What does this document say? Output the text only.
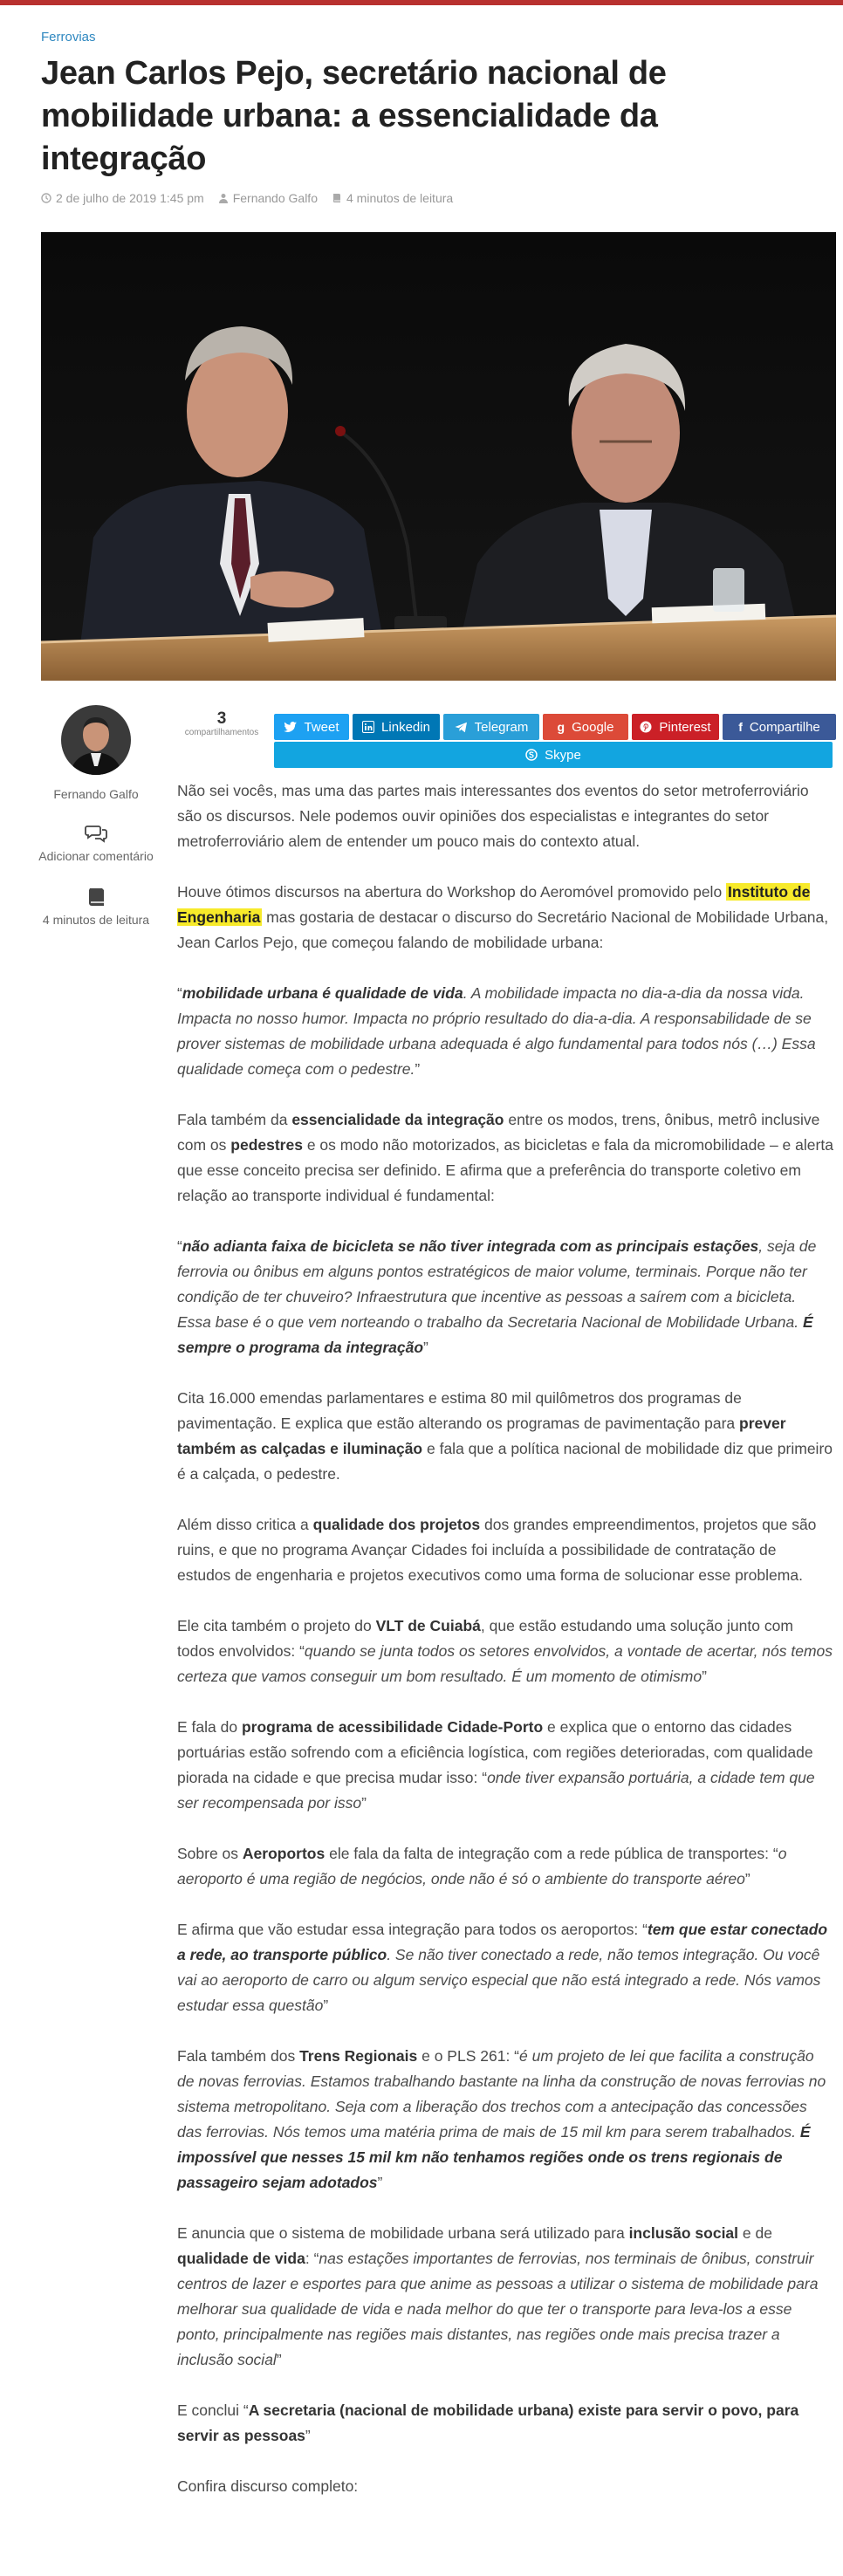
Ferrovias
Jean Carlos Pejo, secretário nacional de mobilidade urbana: a essencialidade da integração
2 de julho de 2019 1:45 pm Fernando Galfo 4 minutos de leitura
Fernando Galfo
Adicionar comentário
4 minutos de leitura
3
compartilhamentos	Tweet	Linkedin	Telegram g Google	Pinterest f Compartilhe
Skype

Não sei vocês, mas uma das partes mais interessantes dos eventos do setor metroferroviário são os discursos. Nele podemos ouvir opiniões dos especialistas e integrantes do setor metroferroviário alem de entender um pouco mais do contexto atual.

Houve ótimos discursos na abertura do Workshop do Aeromóvel promovido pelo Instituto de Engenharia mas gostaria de destacar o discurso do Secretário Nacional de Mobilidade Urbana, Jean Carlos Pejo, que começou falando de mobilidade urbana:

“mobilidade urbana é qualidade de vida. A mobilidade impacta no dia-a-dia da nossa vida. Impacta no nosso humor. Impacta no próprio resultado do dia-a-dia. A responsabilidade de se prover sistemas de mobilidade urbana adequada é algo fundamental para todos nós (…) Essa qualidade começa com o pedestre.”

Fala também da essencialidade da integração entre os modos, trens, ônibus, metrô inclusive com os pedestres e os modo não motorizados, as bicicletas e fala da micromobilidade – e alerta que esse conceito precisa ser definido. E afirma que a preferência do transporte coletivo em relação ao transporte individual é fundamental:

“não adianta faixa de bicicleta se não tiver integrada com as principais estações, seja de ferrovia ou ônibus em alguns pontos estratégicos de maior volume, terminais. Porque não ter condição de ter chuveiro? Infraestrutura que incentive as pessoas a saírem com a bicicleta. Essa base é o que vem norteando o trabalho da Secretaria Nacional de Mobilidade Urbana. É sempre o programa da integração”

Cita 16.000 emendas parlamentares e estima 80 mil quilômetros dos programas de pavimentação. E explica que estão alterando os programas de pavimentação para prever também as calçadas e iluminação e fala que a política nacional de mobilidade diz que primeiro é a calçada, o pedestre.

Além disso critica a qualidade dos projetos dos grandes empreendimentos, projetos que são ruins, e que no programa Avançar Cidades foi incluída a possibilidade de contratação de estudos de engenharia e projetos executivos como uma forma de solucionar esse problema.

Ele cita também o projeto do VLT de Cuiabá, que estão estudando uma solução junto com todos envolvidos: “quando se junta todos os setores envolvidos, a vontade de acertar, nós temos certeza que vamos conseguir um bom resultado. É um momento de otimismo”

E fala do programa de acessibilidade Cidade-Porto e explica que o entorno das cidades portuárias estão sofrendo com a eficiência logística, com regiões deterioradas, com qualidade piorada na cidade e que precisa mudar isso: “onde tiver expansão portuária, a cidade tem que ser recompensada por isso”

Sobre os Aeroportos ele fala da falta de integração com a rede pública de transportes: “o aeroporto é uma região de negócios, onde não é só o ambiente do transporte aéreo”

E afirma que vão estudar essa integração para todos os aeroportos: “tem que estar conectado a rede, ao transporte público. Se não tiver conectado a rede, não temos integração. Ou você vai ao aeroporto de carro ou algum serviço especial que não está integrado a rede. Nós vamos estudar essa questão”

Fala também dos Trens Regionais e o PLS 261: “é um projeto de lei que facilita a construção de novas ferrovias. Estamos trabalhando bastante na linha da construção de novas ferrovias no sistema metropolitano. Seja com a liberação dos trechos com a antecipação das concessões das ferrovias. Nós temos uma matéria prima de mais de 15 mil km para serem trabalhados. É impossível que nesses 15 mil km não tenhamos regiões onde os trens regionais de passageiro sejam adotados”

E anuncia que o sistema de mobilidade urbana será utilizado para inclusão social e de qualidade de vida: “nas estações importantes de ferrovias, nos terminais de ônibus, construir centros de lazer e esportes para que anime as pessoas a utilizar o sistema de mobilidade para melhorar sua qualidade de vida e nada melhor do que ter o transporte para leva-los a esse ponto, principalmente nas regiões mais distantes, nas regiões onde mais precisa trazer a inclusão social”

E conclui “A secretaria (nacional de mobilidade urbana) existe para servir o povo, para servir as pessoas”

Confira discurso completo:
